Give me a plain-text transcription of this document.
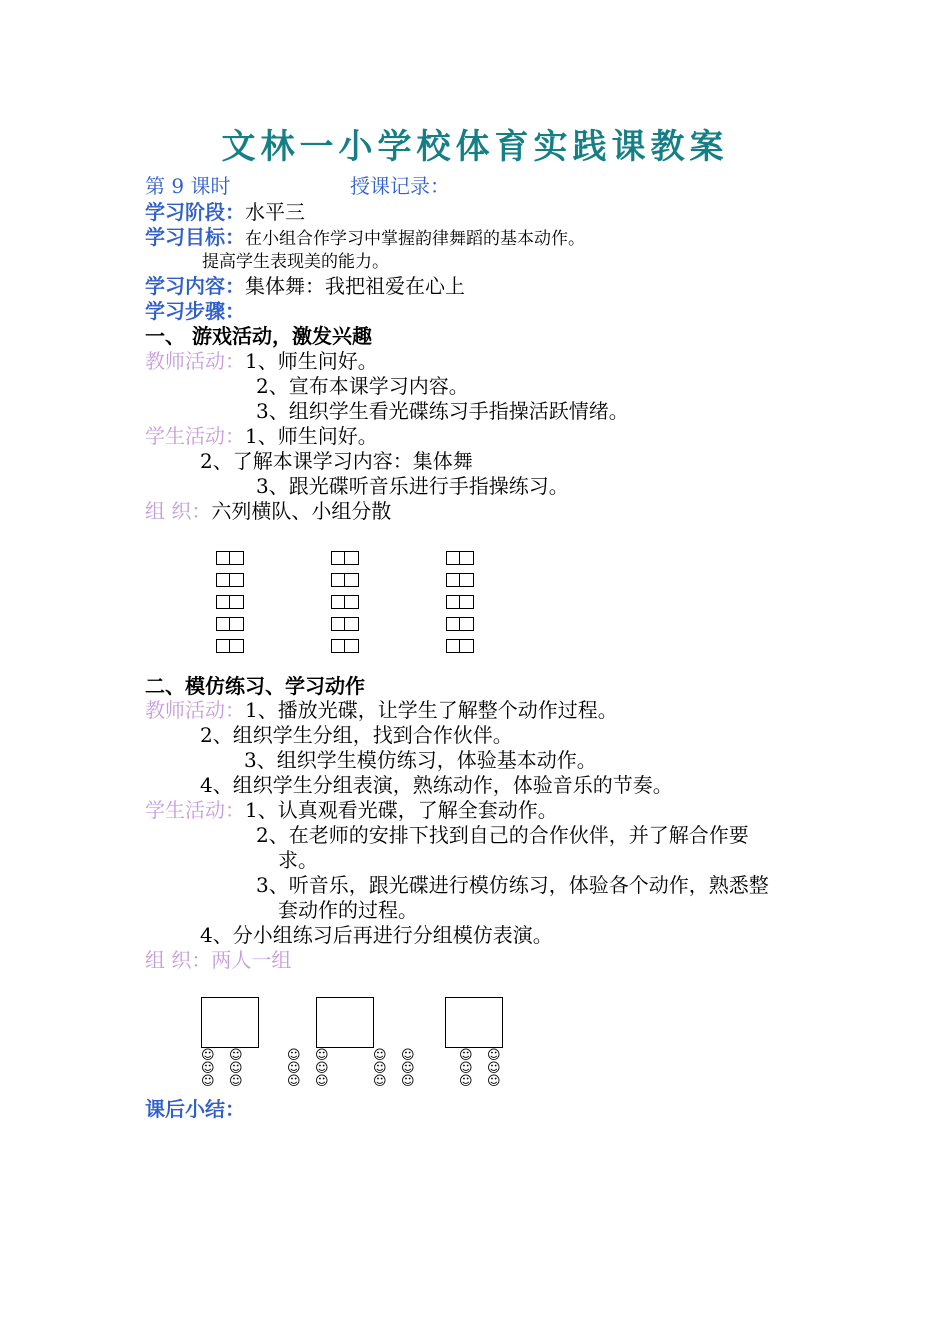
文林一小学校体育实践课教案
第 9 课时	授课记录：
学习阶段：水平三
学习目标：在小组合作学习中掌握韵律舞蹈的基本动作。
提高学生表现美的能力。
学习内容：集体舞：我把祖爱在心上
学习步骤：
一、 游戏活动，激发兴趣
教师活动：1、师生问好。
2、宣布本课学习内容。
3、组织学生看光碟练习手指操活跃情绪。
学生活动：1、师生问好。
2、了解本课学习内容：集体舞
3、跟光碟听音乐进行手指操练习。
组 织：六列横队、小组分散
二、模仿练习、学习动作
教师活动：1、播放光碟，让学生了解整个动作过程。
2、组织学生分组，找到合作伙伴。
3、组织学生模仿练习，体验基本动作。
4、组织学生分组表演，熟练动作，体验音乐的节奏。
学生活动：1、认真观看光碟，了解全套动作。
2、在老师的安排下找到自己的合作伙伴，并了解合作要
求。
3、听音乐，跟光碟进行模仿练习，体验各个动作，熟悉整
套动作的过程。
4、分小组练习后再进行分组模仿表演。
组 织：两人一组
☺
☺
☺
☺
☺
☺
☺
☺
☺
☺
☺
☺
☺
☺
☺
☺
☺
☺
☺
☺
☺
☺
☺
☺
课后小结：
